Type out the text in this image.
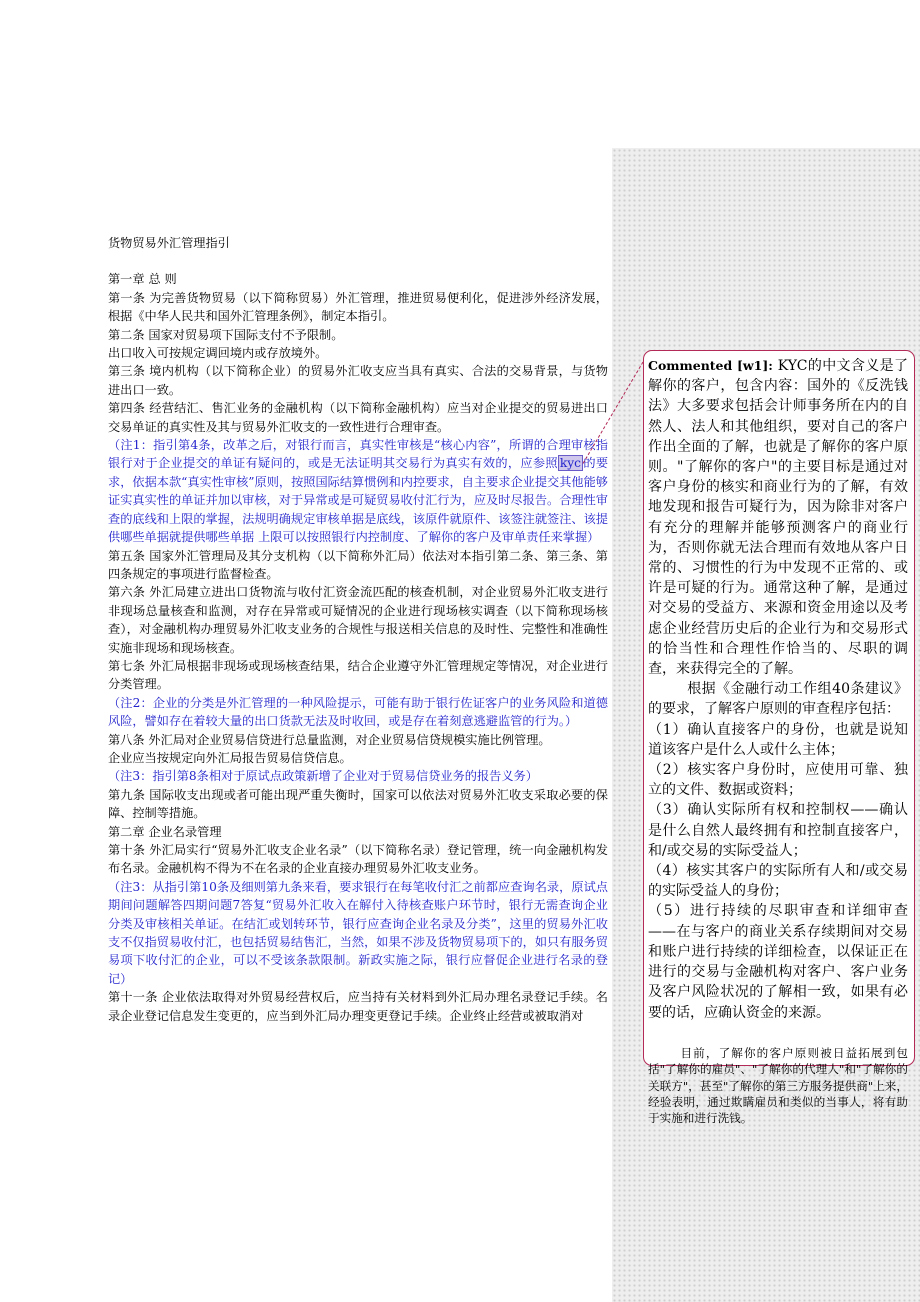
货物贸易外汇管理指引

第一章 总 则

第一条 为完善货物贸易（以下简称贸易）外汇管理，推进贸易便利化，促进涉外经济发展，根据《中华人民共和国外汇管理条例》，制定本指引。

第二条 国家对贸易项下国际支付不予限制。

出口收入可按规定调回境内或存放境外。

第三条 境内机构（以下简称企业）的贸易外汇收支应当具有真实、合法的交易背景，与货物进出口一致。

第四条 经营结汇、售汇业务的金融机构（以下简称金融机构）应当对企业提交的贸易进出口交易单证的真实性及其与贸易外汇收支的一致性进行合理审查。

（注1：指引第4条，改革之后，对银行而言，真实性审核是“核心内容”，所谓的合理审核指银行对于企业提交的单证有疑问的，或是无法证明其交易行为真实有效的，应参照 kyc 的要求，依据本款“真实性审核”原则，按照国际结算惯例和内控要求，自主要求企业提交其他能够证实真实性的单证并加以审核，对于异常或是可疑贸易收付汇行为，应及时尽报告。合理性审查的底线和上限的掌握，法规明确规定审核单据是底线，该原件就原件、该签注就签注、该提供哪些单据就提供哪些单据 上限可以按照银行内控制度、了解你的客户及审单责任来掌握）

第五条 国家外汇管理局及其分支机构（以下简称外汇局）依法对本指引第二条、第三条、第四条规定的事项进行监督检查。

第六条 外汇局建立进出口货物流与收付汇资金流匹配的核查机制，对企业贸易外汇收支进行非现场总量核查和监测，对存在异常或可疑情况的企业进行现场核实调查（以下简称现场核查），对金融机构办理贸易外汇收支业务的合规性与报送相关信息的及时性、完整性和准确性实施非现场和现场核查。

第七条 外汇局根据非现场或现场核查结果，结合企业遵守外汇管理规定等情况，对企业进行分类管理。

（注2：企业的分类是外汇管理的一种风险提示，可能有助于银行佐证客户的业务风险和道德风险，譬如存在着较大量的出口货款无法及时收回，或是存在着刻意逃避监管的行为。）

第八条 外汇局对企业贸易信贷进行总量监测，对企业贸易信贷规模实施比例管理。

企业应当按规定向外汇局报告贸易信贷信息。

（注3：指引第8条相对于原试点政策新增了企业对于贸易信贷业务的报告义务）

第九条 国际收支出现或者可能出现严重失衡时，国家可以依法对贸易外汇收支采取必要的保障、控制等措施。

第二章 企业名录管理

第十条 外汇局实行“贸易外汇收支企业名录”（以下简称名录）登记管理，统一向金融机构发布名录。金融机构不得为不在名录的企业直接办理贸易外汇收支业务。

（注3：从指引第10条及细则第九条来看，要求银行在每笔收付汇之前都应查询名录，原试点期间问题解答四期问题7答复“贸易外汇收入在解付入待核查账户环节时，银行无需查询企业分类及审核相关单证。在结汇或划转环节，银行应查询企业名录及分类”，这里的贸易外汇收支不仅指贸易收付汇，也包括贸易结售汇，当然，如果不涉及货物贸易项下的，如只有服务贸易项下收付汇的企业，可以不受该条款限制。新政实施之际，银行应督促企业进行名录的登记）

第十一条 企业依法取得对外贸易经营权后，应当持有关材料到外汇局办理名录登记手续。名录企业登记信息发生变更的，应当到外汇局办理变更登记手续。企业终止经营或被取消对

Commented [w1]: KYC的中文含义是了解你的客户，包含内容：国外的《反洗钱法》大多要求包括会计师事务所在内的自然人、法人和其他组织，要对自己的客户作出全面的了解，也就是了解你的客户原则。"了解你的客户"的主要目标是通过对客户身份的核实和商业行为的了解，有效地发现和报告可疑行为，因为除非对客户有充分的理解并能够预测客户的商业行为，否则你就无法合理而有效地从客户日常的、习惯性的行为中发现不正常的、或许是可疑的行为。通常这种了解，是通过对交易的受益方、来源和资金用途以及考虑企业经营历史后的企业行为和交易形式的恰当性和合理性作恰当的、尽职的调查，来获得完全的了解。

根据《金融行动工作组40条建议》的要求，了解客户原则的审查程序包括：

（1）确认直接客户的身份，也就是说知道该客户是什么人或什么主体；

（2）核实客户身份时，应使用可靠、独立的文件、数据或资料；

（3）确认实际所有权和控制权——确认是什么自然人最终拥有和控制直接客户，和/或交易的实际受益人；

（4）核实其客户的实际所有人和/或交易的实际受益人的身份；

（5）进行持续的尽职审查和详细审查——在与客户的商业关系存续期间对交易和账户进行持续的详细检查，以保证正在进行的交易与金融机构对客户、客户业务及客户风险状况的了解相一致，如果有必要的话，应确认资金的来源。

目前，了解你的客户原则被日益拓展到包括"了解你的雇员"、"了解你的代理人"和"了解你的关联方"，甚至"了解你的第三方服务提供商"上来，经验表明，通过欺瞒雇员和类似的当事人，将有助于实施和进行洗钱。
